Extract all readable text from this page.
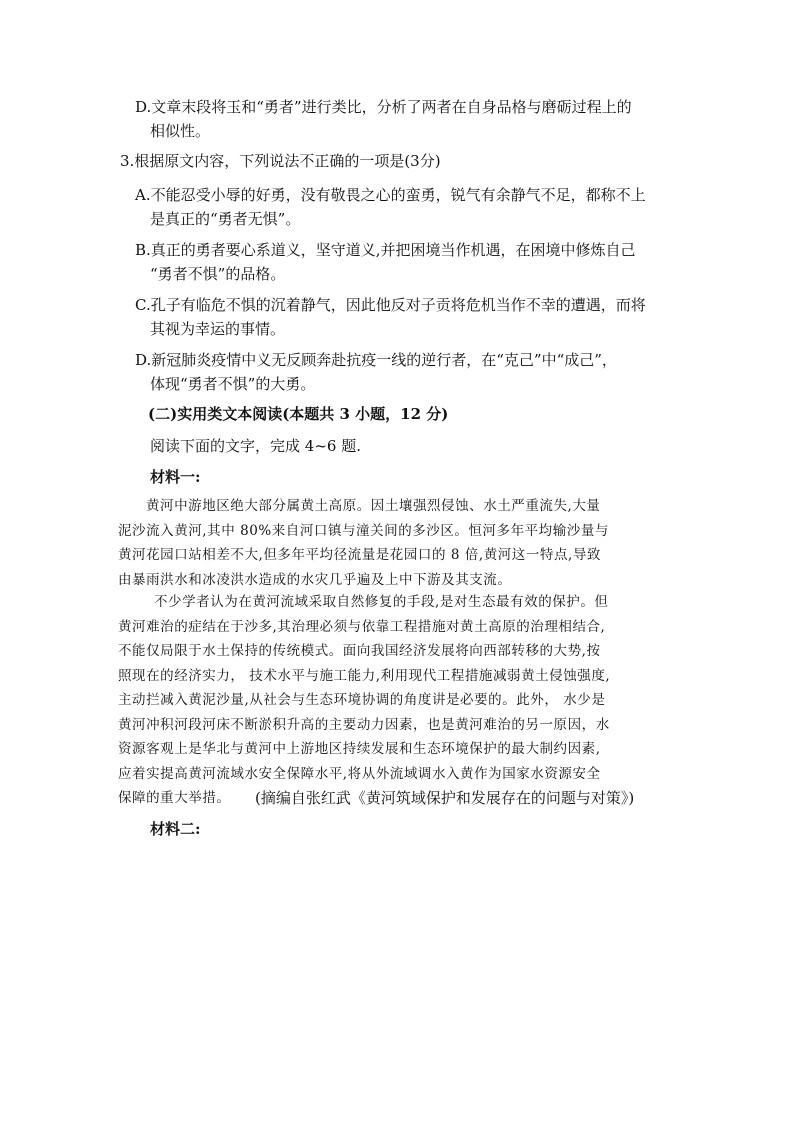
D.文章末段将玉和“勇者”进行类比，分析了两者在自身品格与磨砺过程上的
相似性。
3.根据原文内容，下列说法不正确的一项是(3分)
A.不能忍受小辱的好勇，没有敬畏之心的蛮勇，锐气有余静气不足，都称不上
是真正的“勇者无惧”。
B.真正的勇者要心系道义，坚守道义,并把困境当作机遇，在困境中修炼自己
“勇者不惧”的品格。
C.孔子有临危不惧的沉着静气，因此他反对子贡将危机当作不幸的遭遇，而将
其视为幸运的事情。
D.新冠肺炎疫情中义无反顾奔赴抗疫一线的逆行者，在“克己”中“成己”，
体现“勇者不惧”的大勇。
(二)实用类文本阅读(本题共 3 小题，12 分)
阅读下面的文字，完成 4~6 题.
材料一:
黄河中游地区绝大部分属黄土高原。因土壤强烈侵蚀、水土严重流失,大量
泥沙流入黄河,其中 80%来自河口镇与潼关间的多沙区。恒河多年平均输沙量与
黄河花园口站相差不大,但多年平均径流量是花园口的 8 倍,黄河这一特点,导致
由暴雨洪水和冰凌洪水造成的水灾几乎遍及上中下游及其支流。
不少学者认为在黄河流域采取自然修复的手段,是对生态最有效的保护。但
黄河难治的症结在于沙多,其治理必须与依靠工程措施对黄土高原的治理相结合,
不能仅局限于水土保持的传统模式。面向我国经济发展将向西部转移的大势,按
照现在的经济实力， 技术水平与施工能力,利用现代工程措施减弱黄土侵蚀强度,
主动拦减入黄泥沙量,从社会与生态环境协调的角度讲是必要的。此外， 水少是
黄河冲积河段河床不断淤积升高的主要动力因素，也是黄河难治的另一原因，水
资源客观上是华北与黄河中上游地区持续发展和生态环境保护的最大制约因素,
应着实提高黄河流域水安全保障水平,将从外流域调水入黄作为国家水资源安全
保障的重大举措。	(摘编自张红武《黄河筑域保护和发展存在的问题与对策》)
材料二:
